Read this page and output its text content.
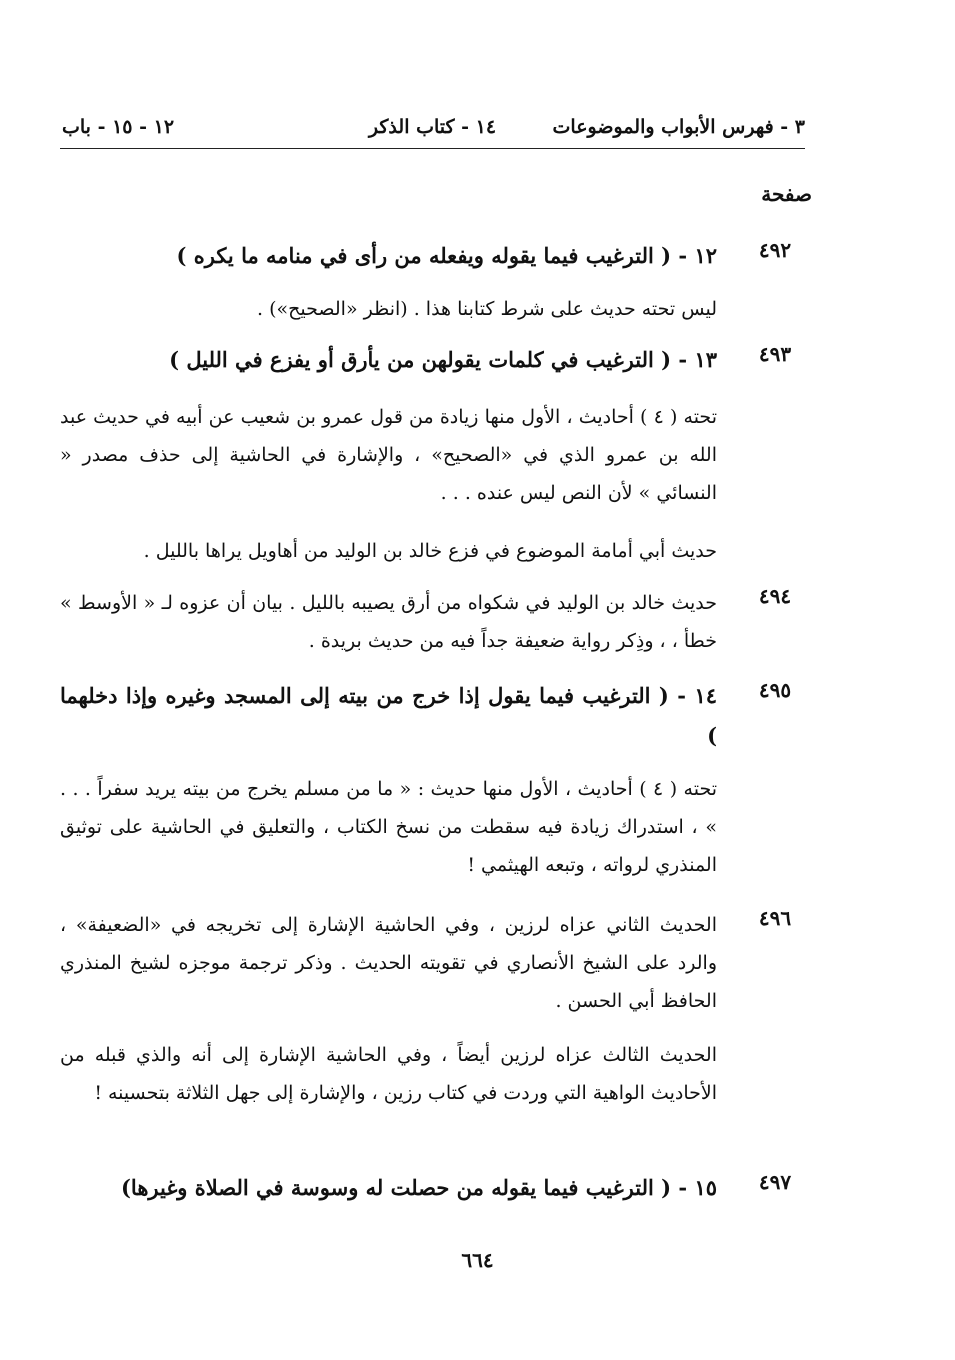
٣ - فهرس الأبواب والموضوعات
١٤ - كتاب الذكر
١٢ - ١٥ - باب
صفحة
٤٩٢
١٢ - ( الترغيب فيما يقوله ويفعله من رأى في منامه ما يكره )
ليس تحته حديث على شرط كتابنا هذا . (انظر «الصحيح») .
٤٩٣
١٣ - ( الترغيب في كلمات يقولهن من يأرق أو يفزع في الليل )
تحته ( ٤ ) أحاديث ، الأول منها زيادة من قول عمرو بن شعيب عن أبيه في حديث عبد الله بن عمرو الذي في «الصحيح» ، والإشارة في الحاشية إلى حذف مصدر « النسائي » لأن النص ليس عنده . . .
حديث أبي أمامة الموضوع في فزع خالد بن الوليد من أهاويل يراها بالليل .
٤٩٤
حديث خالد بن الوليد في شكواه من أرق يصيبه بالليل . بيان أن عزوه لـ « الأوسط » خطأ ، ، وذِكر رواية ضعيفة جداً فيه من حديث بريدة .
٤٩٥
١٤ - ( الترغيب فيما يقول إذا خرج من بيته إلى المسجد وغيره وإذا دخلهما )
تحته ( ٤ ) أحاديث ، الأول منها حديث : « ما من مسلم يخرج من بيته يريد سفراً . . . » ، استدراك زيادة فيه سقطت من نسخ الكتاب ، والتعليق في الحاشية على توثيق المنذري لرواته ، وتبعه الهيثمي !
٤٩٦
الحديث الثاني عزاه لرزين ، وفي الحاشية الإشارة إلى تخريجه في «الضعيفة» ، والرد على الشيخ الأنصاري في تقويته الحديث . وذكر ترجمة موجزه لشيخ المنذري الحافظ أبي الحسن .
الحديث الثالث عزاه لرزين أيضاً ، وفي الحاشية الإشارة إلى أنه والذي قبله من الأحاديث الواهية التي وردت في كتاب رزين ، والإشارة إلى جهل الثلاثة بتحسينه !
٤٩٧
١٥ - ( الترغيب فيما يقوله من حصلت له وسوسة في الصلاة وغيرها)
٦٦٤
